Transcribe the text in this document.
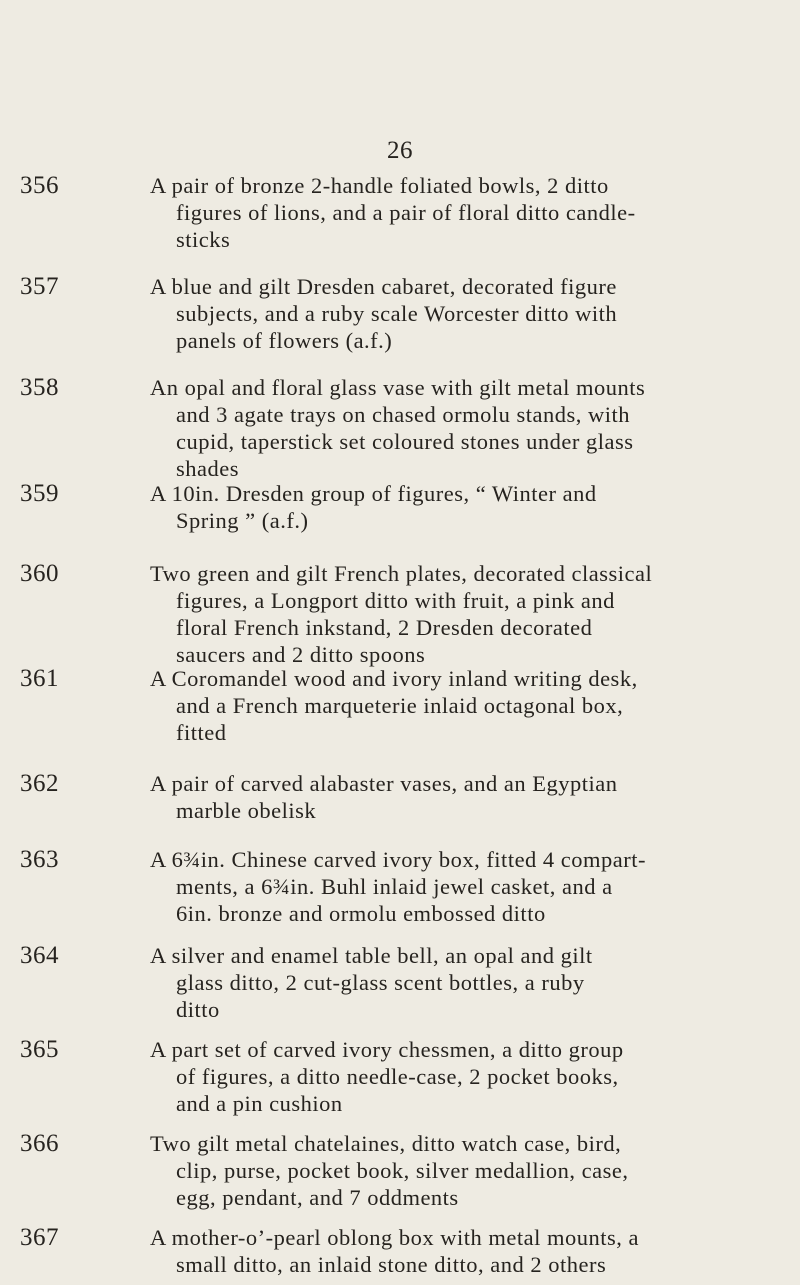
26
356	A pair of bronze 2-handle foliated bowls, 2 ditto
figures of lions, and a pair of floral ditto candle-
sticks
357	A blue and gilt Dresden cabaret, decorated figure
subjects, and a ruby scale Worcester ditto with
panels of flowers (a.f.)
358	An opal and floral glass vase with gilt metal mounts
and 3 agate trays on chased ormolu stands, with
cupid, taperstick set coloured stones under glass
shades
359	A 10in. Dresden group of figures, “ Winter and
Spring ” (a.f.)
360	Two green and gilt French plates, decorated classical
figures, a Longport ditto with fruit, a pink and
floral French inkstand, 2 Dresden decorated
saucers and 2 ditto spoons
361	A Coromandel wood and ivory inland writing desk,
and a French marqueterie inlaid octagonal box,
fitted
362	A pair of carved alabaster vases, and an Egyptian
marble obelisk
363	A 6¾in. Chinese carved ivory box, fitted 4 compart-
ments, a 6¾in. Buhl inlaid jewel casket, and a
6in. bronze and ormolu embossed ditto
364	A silver and enamel table bell, an opal and gilt
glass ditto, 2 cut-glass scent bottles, a ruby
ditto
365	A part set of carved ivory chessmen, a ditto group
of figures, a ditto needle-case, 2 pocket books,
and a pin cushion
366	Two gilt metal chatelaines, ditto watch case, bird,
clip, purse, pocket book, silver medallion, case,
egg, pendant, and 7 oddments
367	A mother-o’-pearl oblong box with metal mounts, a
small ditto, an inlaid stone ditto, and 2 others
